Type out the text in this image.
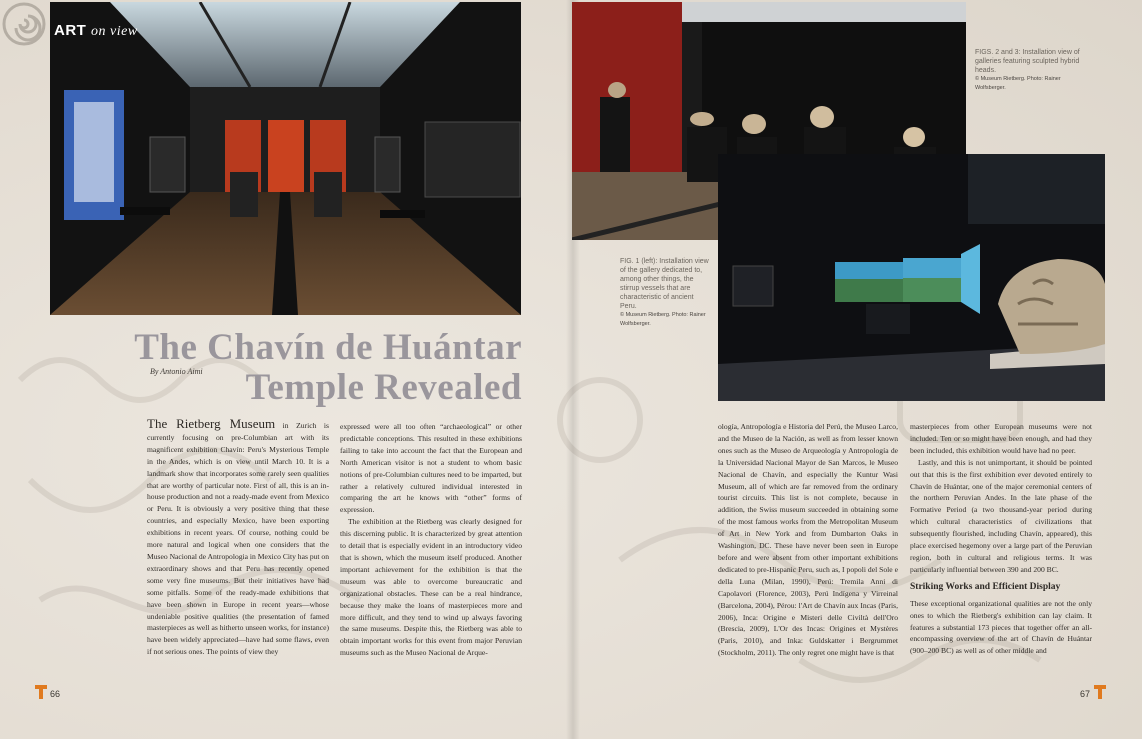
ART on view
FIGS. 2 and 3: Installation view of galleries featuring sculpted hybrid heads.
© Museum Rietberg. Photo: Rainer Wolfsberger.
FIG. 1 (left): Installation view of the gallery dedicated to, among other things, the stirrup vessels that are characteristic of ancient Peru.
© Museum Rietberg. Photo: Rainer Wolfsberger.
The Chavín de Huántar
Temple Revealed
By Antonio Aimi

The Rietberg Museum in Zurich is currently focusing on pre-Columbian art with its magnificent exhibition Chavín: Peru's Mysterious Temple in the Andes, which is on view until March 10. It is a landmark show that incorporates some rarely seen qualities that are worthy of particular note. First of all, this is an in-house production and not a ready-made event from Mexico or Peru. It is obviously a very positive thing that these countries, and especially Mexico, have been exporting exhibitions in recent years. Of course, nothing could be more natural and logical when one considers that the Museo Nacional de Antropologia in Mexico City has put on extraordinary shows and that Peru has recently opened some very fine museums. But their initiatives have had some pitfalls. Some of the ready-made exhibitions that have been shown in Europe in recent years—whose undeniable positive qualities (the presentation of famed masterpieces as well as hitherto unseen works, for instance) have been widely appreciated—have had some flaws, even if not serious ones. The points of view they

expressed were all too often “archaeological” or other predictable conceptions. This resulted in these exhibitions failing to take into account the fact that the European and North American visitor is not a student to whom basic notions of pre-Columbian cultures need to be imparted, but rather a relatively cultured individual interested in comparing the art he knows with “other” forms of expression.

The exhibition at the Rietberg was clearly designed for this discerning public. It is characterized by great attention to detail that is especially evident in an introductory video that is shown, which the museum itself produced. Another important achievement for the exhibition is that the museum was able to overcome bureaucratic and organizational obstacles. These can be a real hindrance, because they make the loans of masterpieces more and more difficult, and they tend to wind up always favoring the same museums. Despite this, the Rietberg was able to obtain important works for this event from major Peruvian museums such as the Museo Nacional de Arque-

ología, Antropología e Historia del Perú, the Museo Larco, and the Museo de la Nación, as well as from lesser known ones such as the Museo de Arqueología y Antropología de la Universidad Nacional Mayor de San Marcos, le Museo Nacional de Chavín, and especially the Kuntur Wasi Museum, all of which are far removed from the ordinary tourist circuits. This list is not complete, because in addition, the Swiss museum succeeded in obtaining some of the most famous works from the Metropolitan Museum of Art in New York and from Dumbarton Oaks in Washington, DC. These have never been seen in Europe before and were absent from other important exhibitions dedicated to pre-Hispanic Peru, such as, I popoli del Sole e della Luna (Milan, 1990), Perú: Tremila Anni di Capolavori (Florence, 2003), Perú Indígena y Virreinal (Barcelona, 2004), Pérou: l'Art de Chavín aux Incas (Paris, 2006), Inca: Origine e Misteri delle Civiltà dell'Oro (Brescia, 2009), L'Or des Incas: Origines et Mystères (Paris, 2010), and Inka: Guldskatter i Bergrummet (Stockholm, 2011). The only regret one might have is that

masterpieces from other European museums were not included. Ten or so might have been enough, and had they been included, this exhibition would have had no peer.

Lastly, and this is not unimportant, it should be pointed out that this is the first exhibition ever devoted entirely to Chavín de Huántar, one of the major ceremonial centers of the northern Peruvian Andes. In the late phase of the Formative Period (a two thousand-year period during which cultural characteristics of civilizations that subsequently flourished, including Chavín, appeared), this place exercised hegemony over a large part of the Peruvian region, both in cultural and religious terms. It was particularly influential between 390 and 200 BC.

Striking Works and Efficient Display

These exceptional organizational qualities are not the only ones to which the Rietberg's exhibition can lay claim. It features a substantial 173 pieces that together offer an all-encompassing overview of the art of Chavín de Huántar (900–200 BC) as well as of other middle and

66	67
